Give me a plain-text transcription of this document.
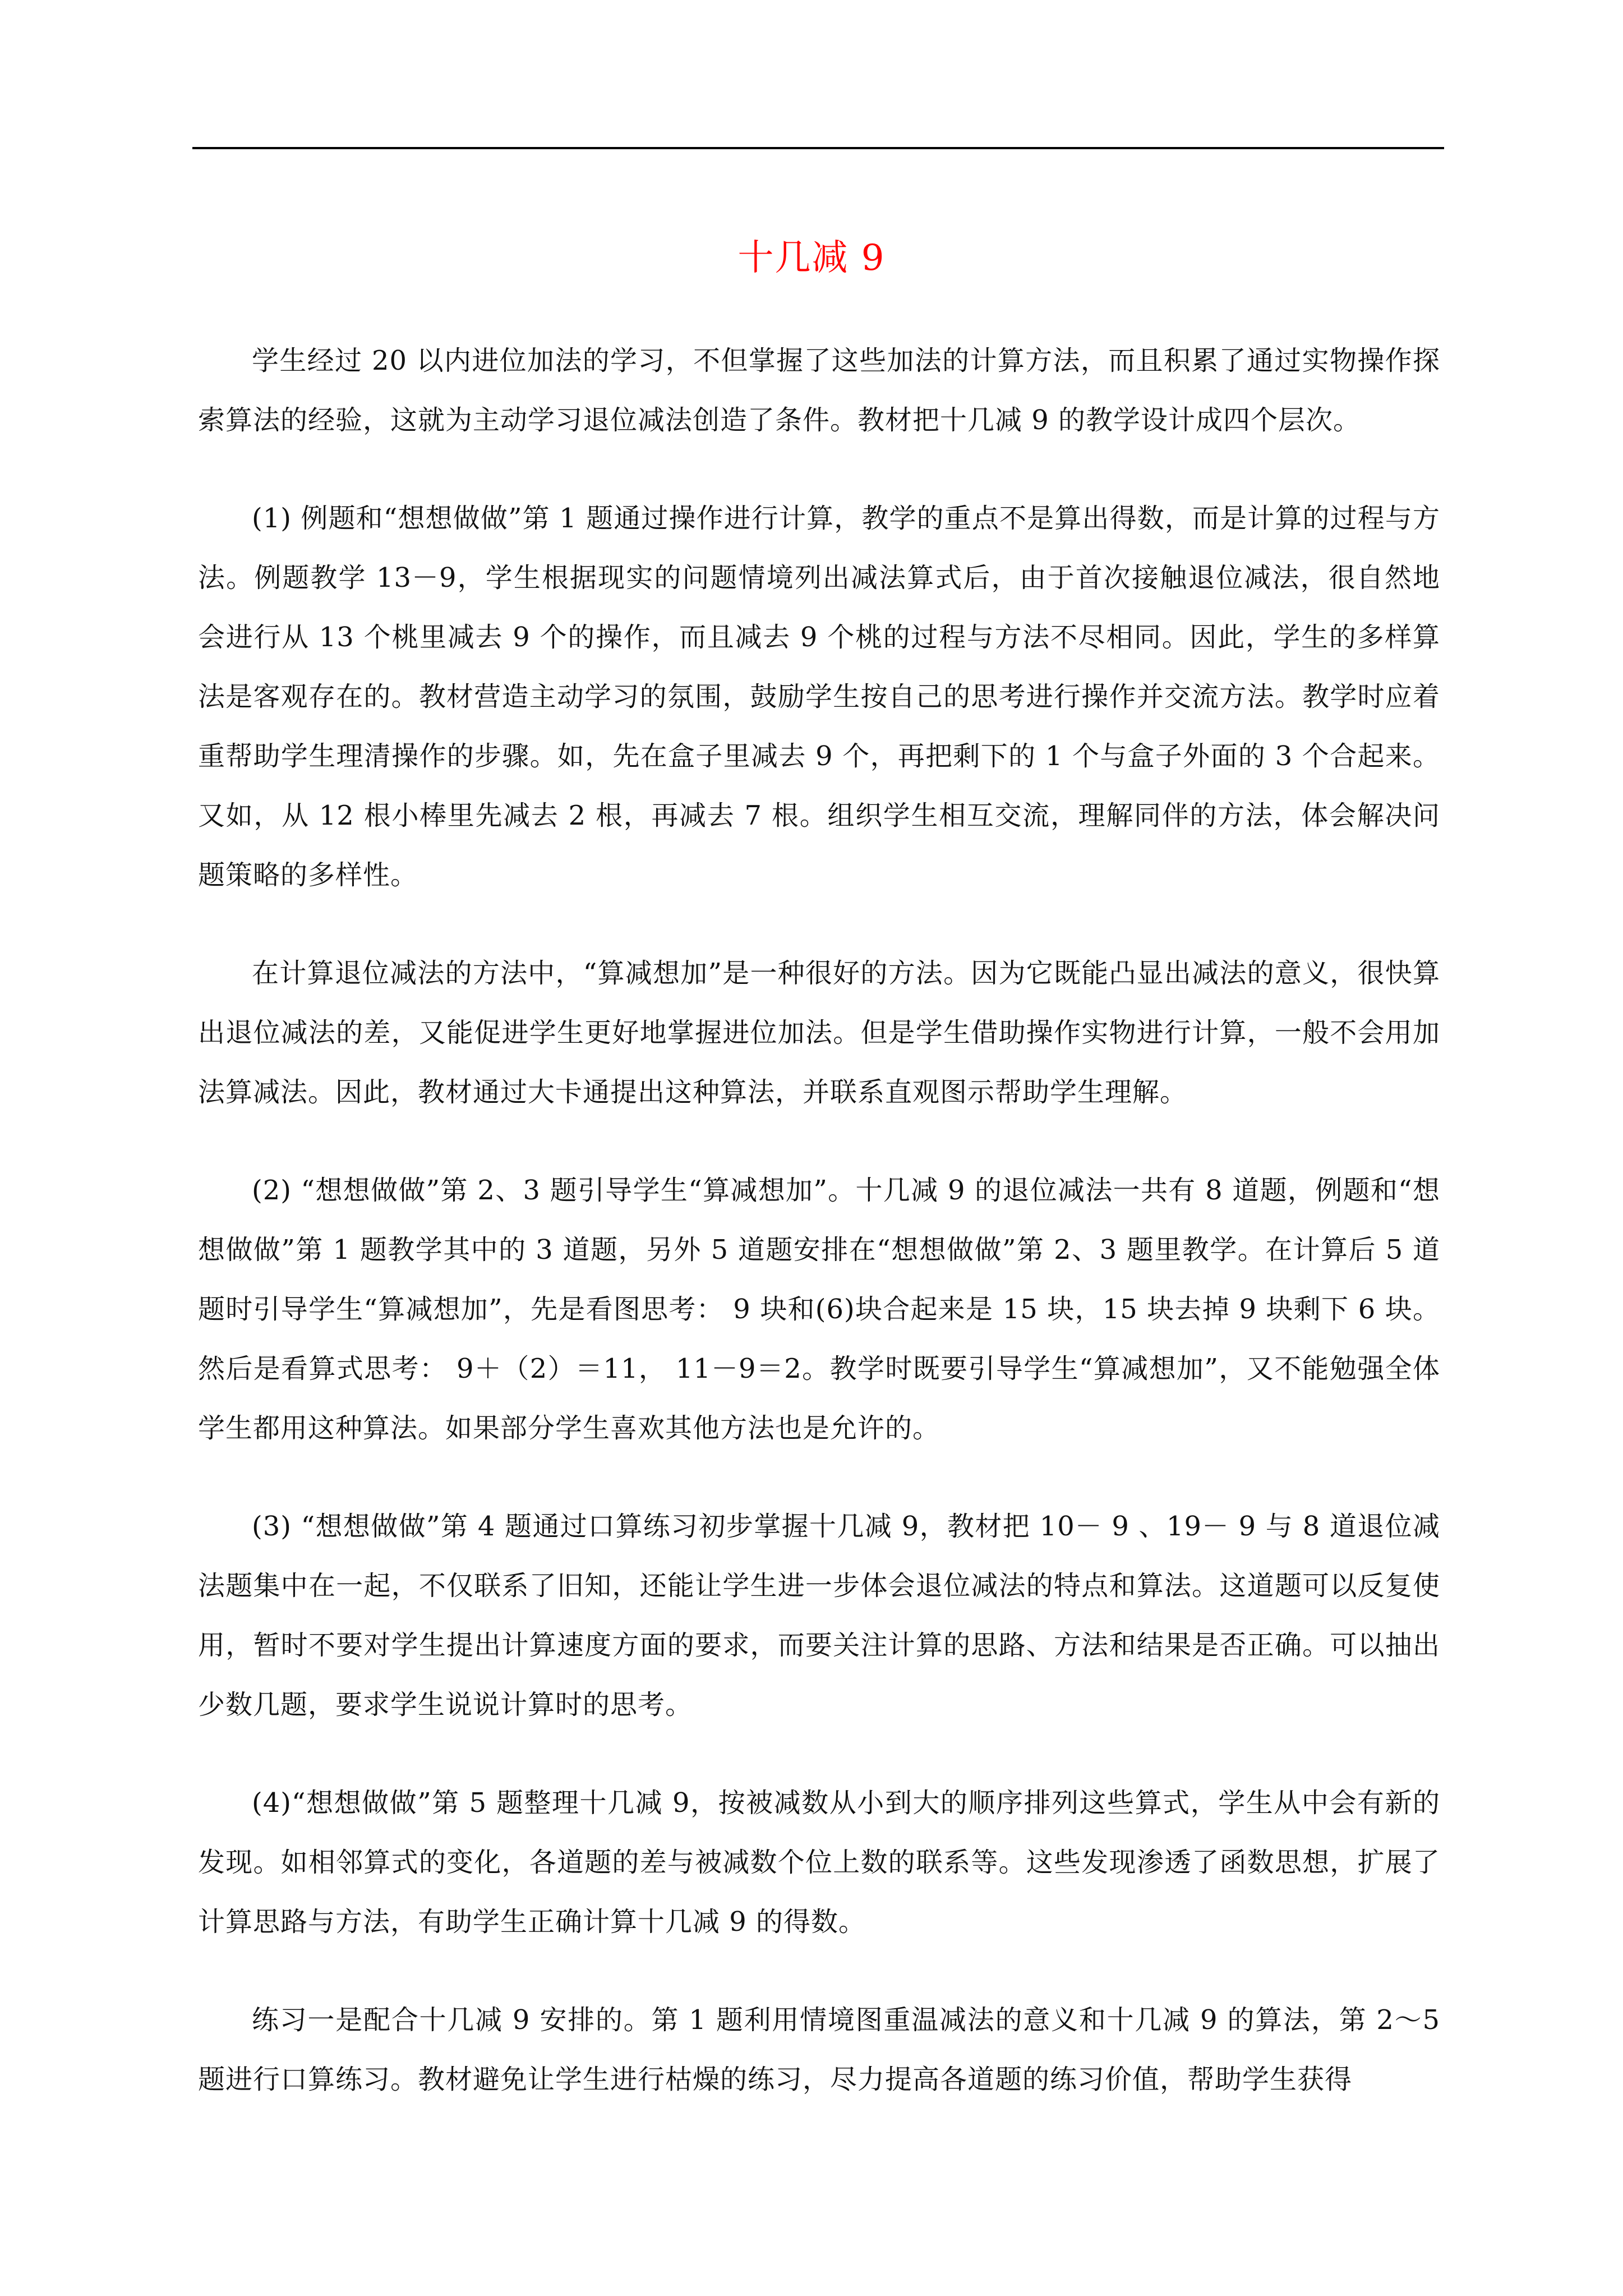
十几减 9

学生经过 20 以内进位加法的学习，不但掌握了这些加法的计算方法，而且积累了通过实物操作探索算法的经验，这就为主动学习退位减法创造了条件。教材把十几减 9 的教学设计成四个层次。

(1) 例题和“想想做做”第 1 题通过操作进行计算，教学的重点不是算出得数，而是计算的过程与方法。例题教学 13－9，学生根据现实的问题情境列出减法算式后，由于首次接触退位减法，很自然地会进行从 13 个桃里减去 9 个的操作，而且减去 9 个桃的过程与方法不尽相同。因此，学生的多样算法是客观存在的。教材营造主动学习的氛围，鼓励学生按自己的思考进行操作并交流方法。教学时应着重帮助学生理清操作的步骤。如，先在盒子里减去 9 个，再把剩下的 1 个与盒子外面的 3 个合起来。又如，从 12 根小棒里先减去 2 根，再减去 7 根。组织学生相互交流，理解同伴的方法，体会解决问题策略的多样性。

在计算退位减法的方法中，“算减想加”是一种很好的方法。因为它既能凸显出减法的意义，很快算出退位减法的差，又能促进学生更好地掌握进位加法。但是学生借助操作实物进行计算，一般不会用加法算减法。因此，教材通过大卡通提出这种算法，并联系直观图示帮助学生理解。

(2) “想想做做”第 2、3 题引导学生“算减想加”。十几减 9 的退位减法一共有 8 道题，例题和“想想做做”第 1 题教学其中的 3 道题，另外 5 道题安排在“想想做做”第 2、3 题里教学。在计算后 5 道题时引导学生“算减想加”，先是看图思考： 9 块和(6)块合起来是 15 块，15 块去掉 9 块剩下 6 块。然后是看算式思考： 9＋（2）＝11， 11－9＝2。教学时既要引导学生“算减想加”，又不能勉强全体学生都用这种算法。如果部分学生喜欢其他方法也是允许的。

(3) “想想做做”第 4 题通过口算练习初步掌握十几减 9，教材把 10－ 9 、19－ 9 与 8 道退位减法题集中在一起，不仅联系了旧知，还能让学生进一步体会退位减法的特点和算法。这道题可以反复使用，暂时不要对学生提出计算速度方面的要求，而要关注计算的思路、方法和结果是否正确。可以抽出少数几题，要求学生说说计算时的思考。

(4)“想想做做”第 5 题整理十几减 9，按被减数从小到大的顺序排列这些算式，学生从中会有新的发现。如相邻算式的变化，各道题的差与被减数个位上数的联系等。这些发现渗透了函数思想，扩展了计算思路与方法，有助学生正确计算十几减 9 的得数。

练习一是配合十几减 9 安排的。第 1 题利用情境图重温减法的意义和十几减 9 的算法，第 2～5 题进行口算练习。教材避免让学生进行枯燥的练习，尽力提高各道题的练习价值，帮助学生获得
